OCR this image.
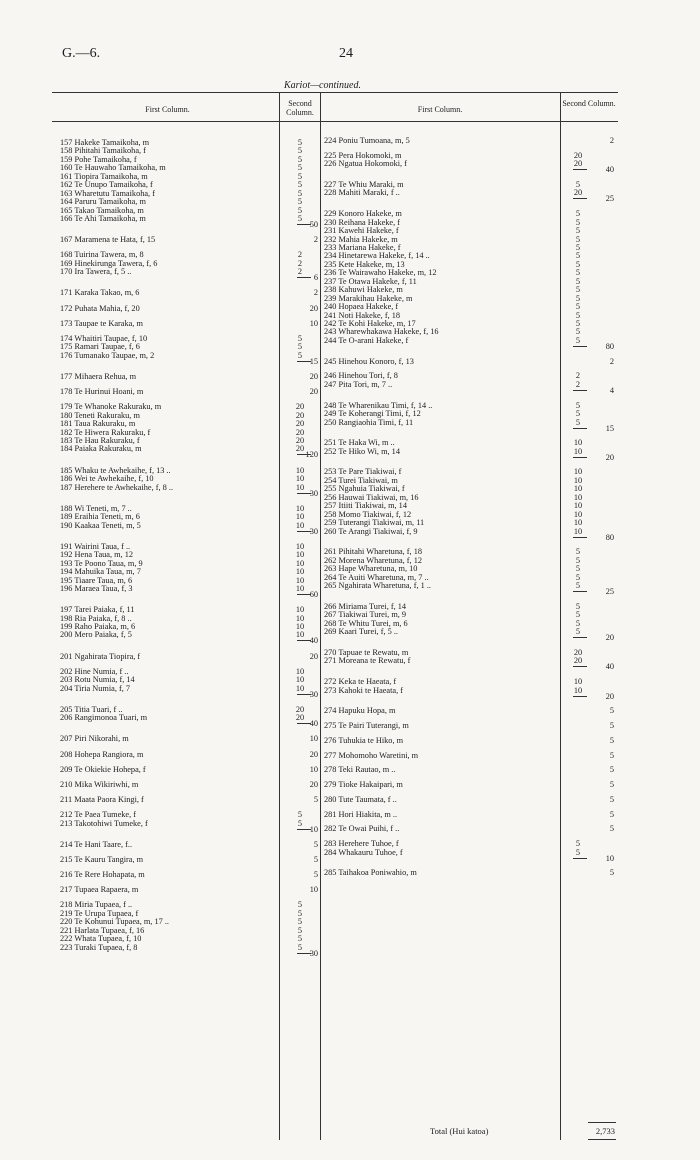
G.—6.	24
Kariot—continued.
First Column.
Second Column.	First Column.
Second Column.
157 Hakeke Tamaikoha, m	5
158 Pihitahi Tamaikoha, f	5
159 Pohe Tamaikoha, f	5
160 Te Hauwaho Tamaikoha, m	5
161 Tiopira Tamaikoha, m	5
162 Te Unupo Tamaikoha, f	5
163 Wharetutu Tamaikoha, f	5
164 Paruru Tamaikoha, m	5
165 Takao Tamaikoha, m	5
166 Te Ahi Tamaikoha, m	5
50
167 Maramena te Hata, f, 15	2
168 Tuirina Tawera, m, 8	2
169 Hinekirunga Tawera, f, 6	2
170 Ira Tawera, f, 5 ..	2
6
171 Karaka Takao, m, 6	2
172 Puhata Mahia, f, 20	20
173 Taupae te Karaka, m	10
174 Whaitiri Taupae, f, 10	5
175 Ramari Taupae, f, 6	5
176 Tumanako Taupae, m, 2	5
15
177 Mihaera Rehua, m	20
178 Te Hurinui Hoani, m	20
179 Te Whanoke Rakuraku, m	20
180 Teneti Rakuraku, m	20
181 Taua Rakuraku, m	20
182 Te Hiwera Rakuraku, f	20
183 Te Hau Rakuraku, f	20
184 Paiaka Rakuraku, m	20
120
185 Whaku te Awhekaihe, f, 13 ..	10
186 Wei te Awhekaihe, f, 10	10
187 Herehere te Awhekaihe, f, 8 ..	10
30
188 Wi Teneti, m, 7 ..	10
189 Eraihia Teneti, m, 6	10
190 Kaakaa Teneti, m, 5	10
30
191 Wairini Taua, f ..	10
192 Hena Taua, m, 12	10
193 Te Poono Taua, m, 9	10
194 Mahuika Taua, m, 7	10
195 Tiaare Taua, m, 6	10
196 Maraea Taua, f, 3	10
60
197 Tarei Paiaka, f, 11	10
198 Ria Paiaka, f, 8 ..	10
199 Raho Paiaka, m, 6	10
200 Mero Paiaka, f, 5	10
40
201 Ngahirata Tiopira, f	20
202 Hine Numia, f ..	10
203 Rotu Numia, f, 14	10
204 Tiria Numia, f, 7	10
30
205 Titia Tuari, f ..	20
206 Rangimonoa Tuari, m	20
40
207 Piri Nikorahi, m	10
208 Hohepa Rangiora, m	20
209 Te Okiekie Hohepa, f	10
210 Mika Wikiriwhi, m	20
211 Maata Paora Kingi, f	5
212 Te Paea Tumeke, f	5
213 Takotohiwi Tumeke, f	5
10
214 Te Hani Taare, f..	5
215 Te Kauru Tangira, m	5
216 Te Rere Hohapata, m	5
217 Tupaea Rapaera, m	10
218 Miria Tupaea, f ..	5
219 Te Urupa Tupaea, f	5
220 Te Kohunui Tupaea, m, 17 ..	5
221 Harlata Tupaea, f, 16	5
222 Whata Tupaea, f, 10	5
223 Turaki Tupaea, f, 8	5
30
224 Poniu Tumoana, m, 5	2
225 Pera Hokomoki, m	20
226 Ngatua Hokomoki, f	20
40
227 Te Whiu Maraki, m	5
228 Mahiti Maraki, f ..	20
25
229 Konoro Hakeke, m	5
230 Reihana Hakeke, f	5
231 Kawehi Hakeke, f	5
232 Mahia Hakeke, m	5
233 Mariana Hakeke, f	5
234 Hinetarewa Hakeke, f, 14 ..	5
235 Kete Hakeke, m, 13	5
236 Te Wairawaho Hakeke, m, 12	5
237 Te Otawa Hakeke, f, 11	5
238 Kahuwi Hakeke, m	5
239 Marakihau Hakeke, m	5
240 Hopaea Hakeke, f	5
241 Noti Hakeke, f, 18	5
242 Te Kohi Hakeke, m, 17	5
243 Wharewhakawa Hakeke, f, 16	5
244 Te O-arani Hakeke, f	5
80
245 Hinehou Konoro, f, 13	2
246 Hinehou Tori, f, 8	2
247 Pita Tori, m, 7 ..	2
4
248 Te Wharenikau Timi, f, 14 ..	5
249 Te Koherangi Timi, f, 12	5
250 Rangiaohia Timi, f, 11	5
15
251 Te Haka Wi, m ..	10
252 Te Hiko Wi, m, 14	10
20
253 Te Pare Tiakiwai, f	10
254 Turei Tiakiwai, m	10
255 Ngahuia Tiakiwai, f	10
256 Hauwai Tiakiwai, m, 16	10
257 Itiiti Tiakiwai, m, 14	10
258 Momo Tiakiwai, f, 12	10
259 Tuterangi Tiakiwai, m, 11	10
260 Te Arangi Tiakiwai, f, 9	10
80
261 Pihitahi Wharetuna, f, 18	5
262 Morena Wharetuna, f, 12	5
263 Hape Wharetuna, m, 10	5
264 Te Auiti Wharetuna, m, 7 ..	5
265 Ngahirata Wharetuna, f, 1 ..	5
25
266 Miriama Turei, f, 14	5
267 Tiakiwai Turei, m, 9	5
268 Te Whitu Turei, m, 6	5
269 Kaari Turei, f, 5 ..	5
20
270 Tapuae te Rewatu, m	20
271 Moreana te Rewatu, f	20
40
272 Keka te Haeata, f	10
273 Kahoki te Haeata, f	10
20
274 Hapuku Hopa, m	5
275 Te Pairi Tuterangi, m	5
276 Tuhukia te Hiko, m	5
277 Mohomoho Waretini, m	5
278 Teki Rautao, m ..	5
279 Tioke Hakaipari, m	5
280 Tute Taumata, f ..	5
281 Hori Hiakita, m ..	5
282 Te Owai Puihi, f ..	5
283 Herehere Tuhoe, f	5
284 Whakauru Tuhoe, f	5
10
285 Taihakoa Poniwahio, m	5
Total (Hui katoa)	2,733
